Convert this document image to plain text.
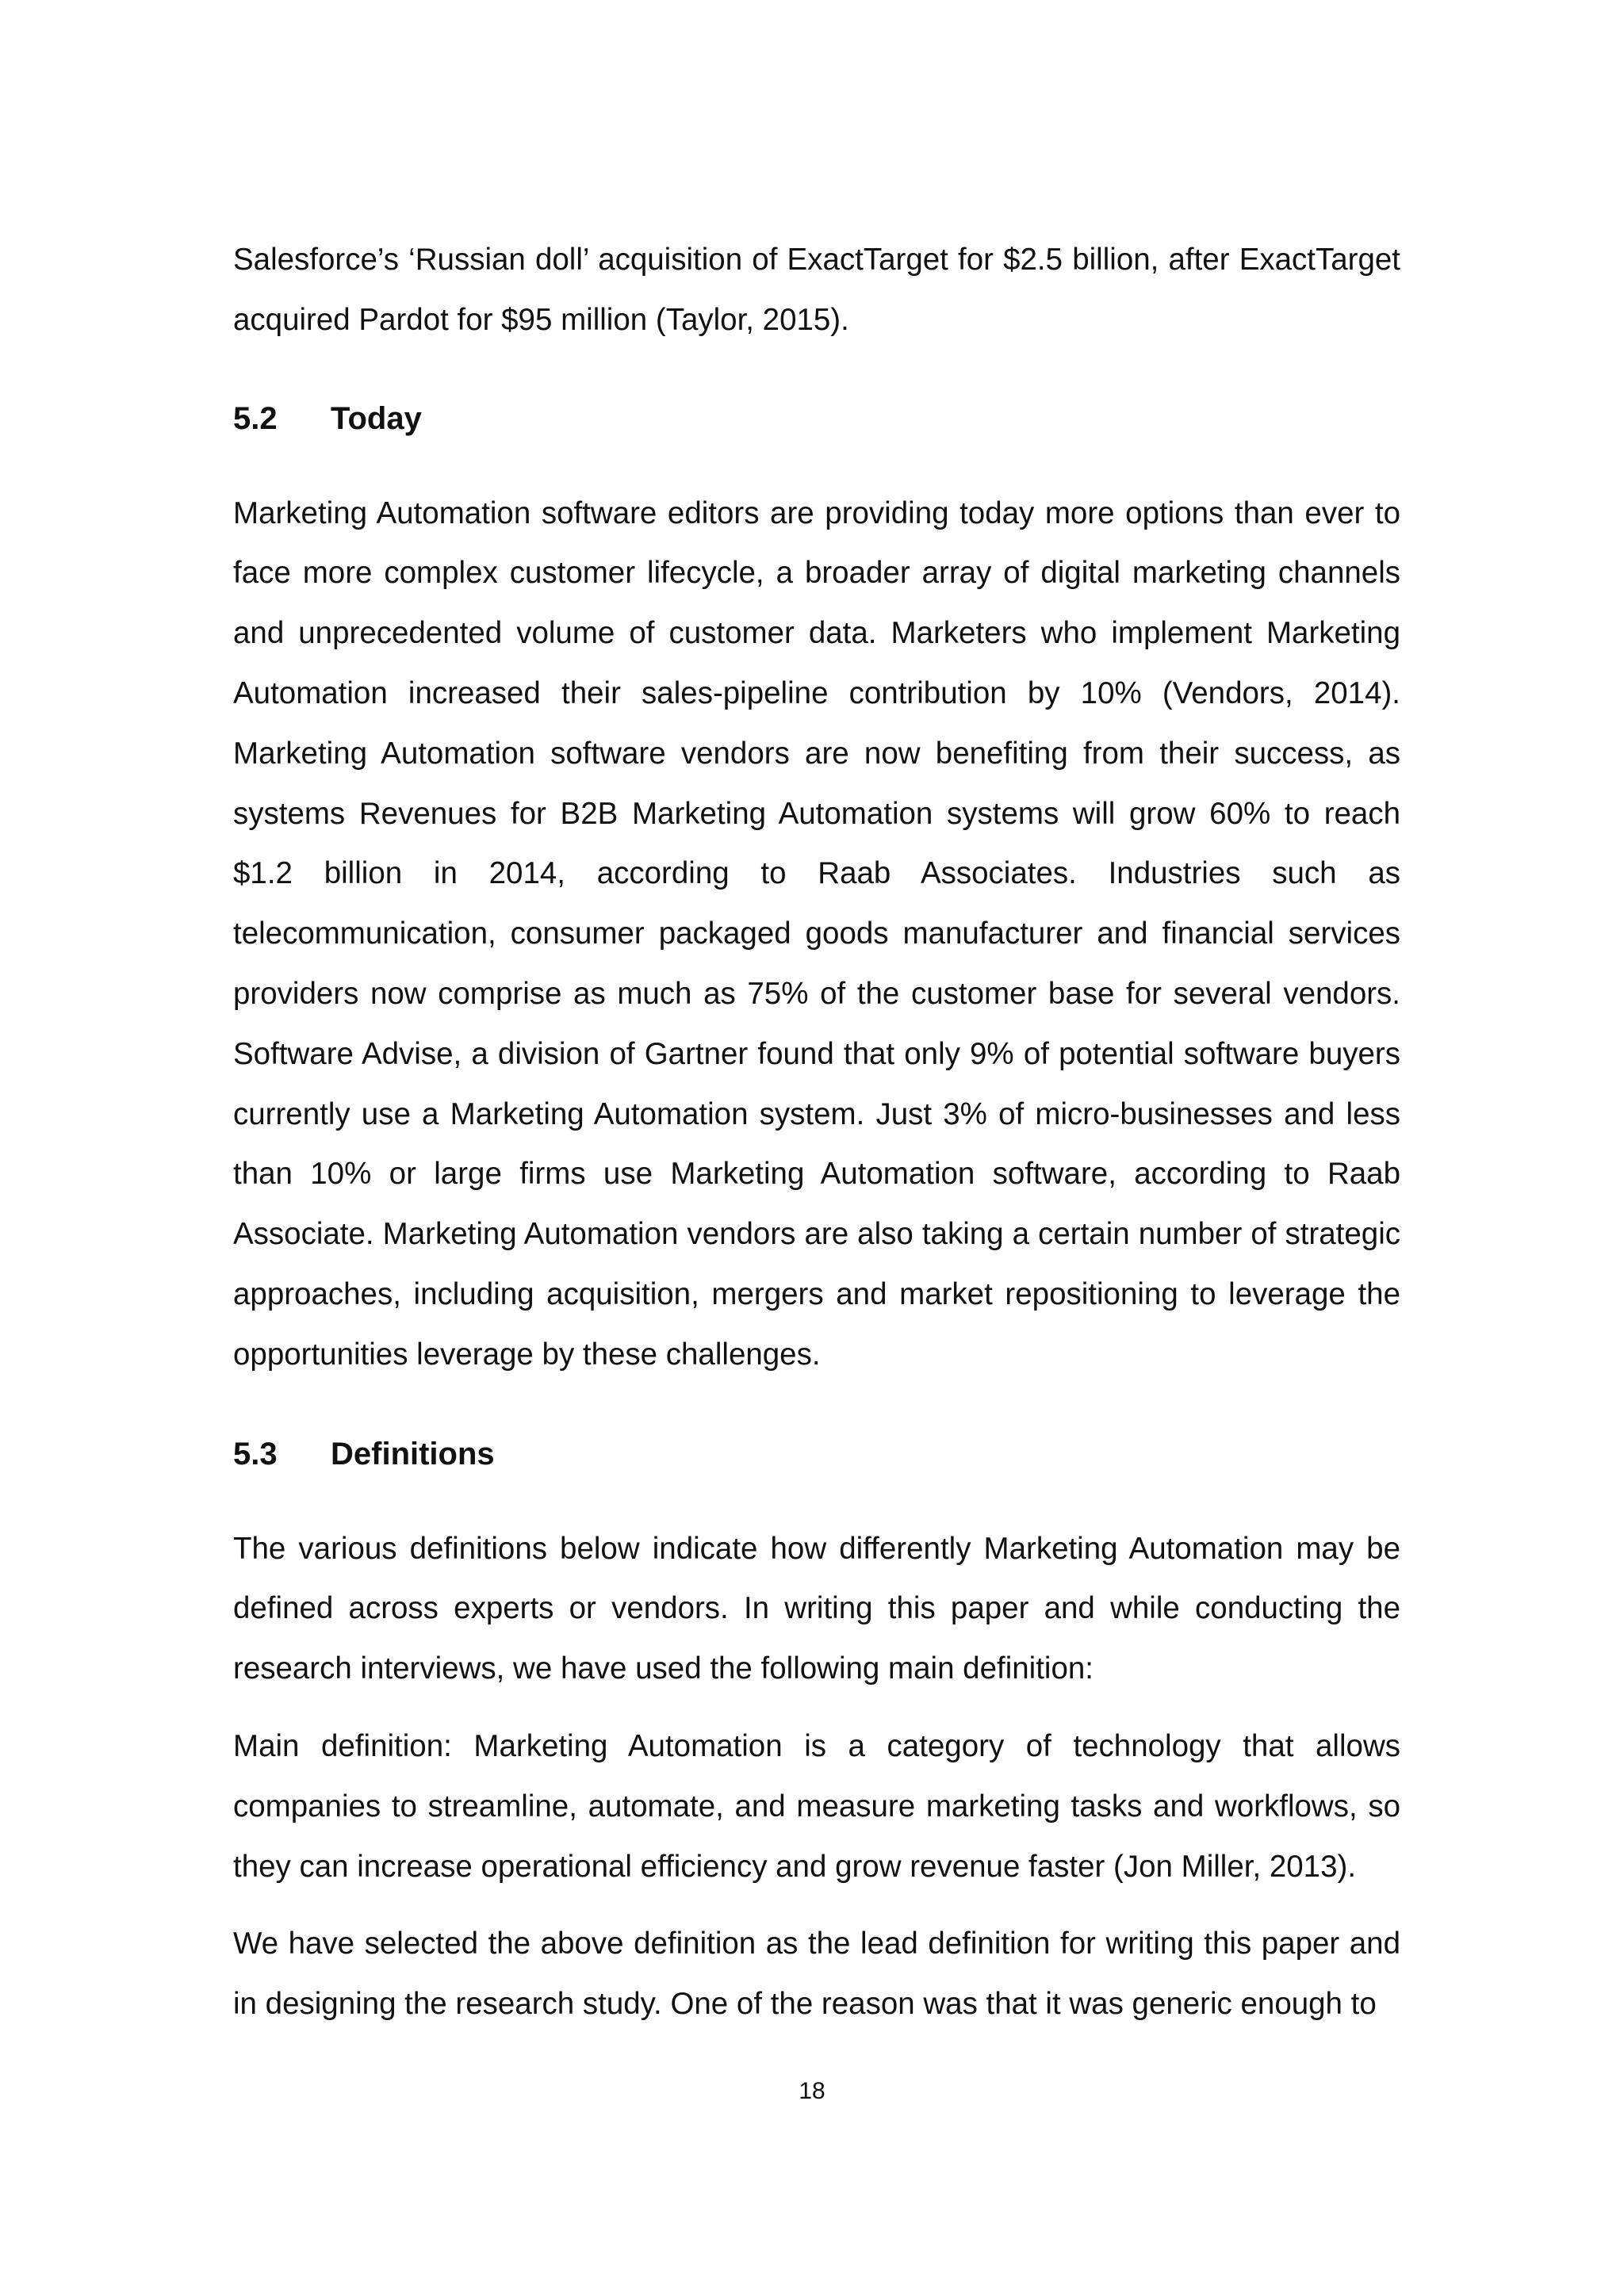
Salesforce’s ‘Russian doll’ acquisition of ExactTarget for $2.5 billion, after ExactTarget acquired Pardot for $95 million (Taylor, 2015).

5.2	Today

Marketing Automation software editors are providing today more options than ever to face more complex customer lifecycle, a broader array of digital marketing channels and unprecedented volume of customer data. Marketers who implement Marketing Automation increased their sales-pipeline contribution by 10% (Vendors, 2014). Marketing Automation software vendors are now benefiting from their success, as systems Revenues for B2B Marketing Automation systems will grow 60% to reach $1.2 billion in 2014, according to Raab Associates. Industries such as telecommunication, consumer packaged goods manufacturer and financial services providers now comprise as much as 75% of the customer base for several vendors. Software Advise, a division of Gartner found that only 9% of potential software buyers currently use a Marketing Automation system. Just 3% of micro-businesses and less than 10% or large firms use Marketing Automation software, according to Raab Associate. Marketing Automation vendors are also taking a certain number of strategic approaches, including acquisition, mergers and market repositioning to leverage the opportunities leverage by these challenges.

5.3	Definitions

The various definitions below indicate how differently Marketing Automation may be defined across experts or vendors. In writing this paper and while conducting the research interviews, we have used the following main definition:

Main definition: Marketing Automation is a category of technology that allows companies to streamline, automate, and measure marketing tasks and workflows, so they can increase operational efficiency and grow revenue faster (Jon Miller, 2013).

We have selected the above definition as the lead definition for writing this paper and in designing the research study. One of the reason was that it was generic enough to

18
